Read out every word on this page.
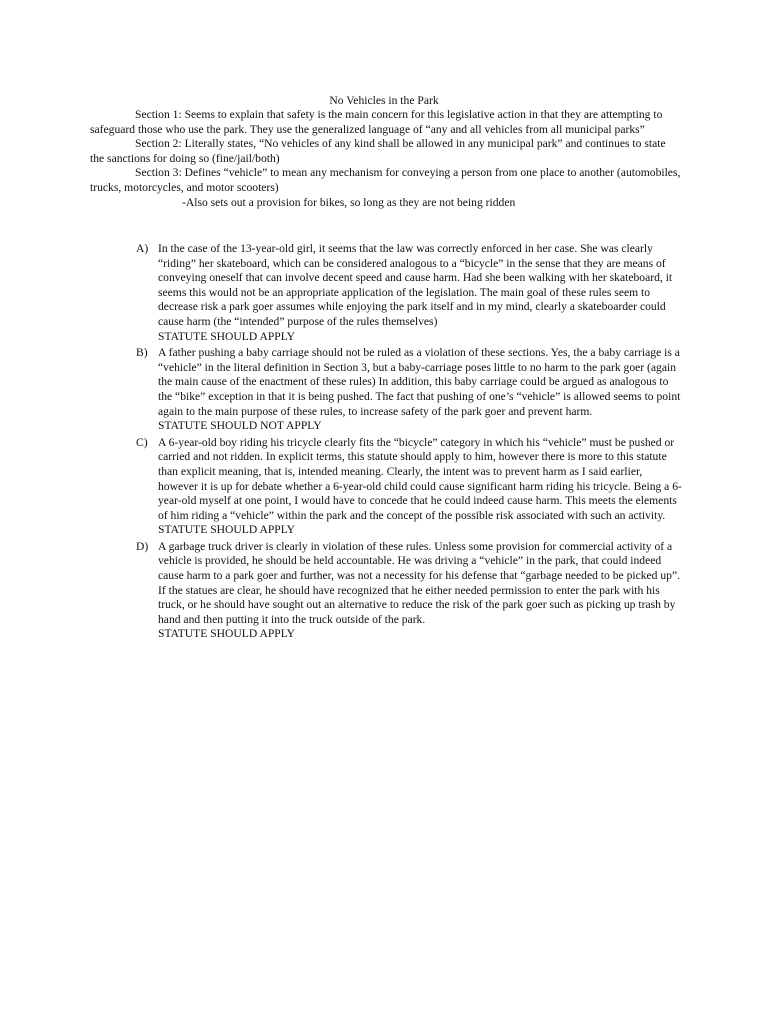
No Vehicles in the Park

Section 1: Seems to explain that safety is the main concern for this legislative action in that they are attempting to safeguard those who use the park. They use the generalized language of “any and all vehicles from all municipal parks”

Section 2: Literally states, “No vehicles of any kind shall be allowed in any municipal park” and continues to state the sanctions for doing so (fine/jail/both)

Section 3: Defines “vehicle” to mean any mechanism for conveying a person from one place to another (automobiles, trucks, motorcycles, and motor scooters)

-Also sets out a provision for bikes, so long as they are not being ridden

A) In the case of the 13-year-old girl, it seems that the law was correctly enforced in her case. She was clearly “riding” her skateboard, which can be considered analogous to a “bicycle” in the sense that they are means of conveying oneself that can involve decent speed and cause harm. Had she been walking with her skateboard, it seems this would not be an appropriate application of the legislation. The main goal of these rules seem to decrease risk a park goer assumes while enjoying the park itself and in my mind, clearly a skateboarder could cause harm (the “intended” purpose of the rules themselves)

STATUTE SHOULD APPLY

B) A father pushing a baby carriage should not be ruled as a violation of these sections. Yes, the a baby carriage is a “vehicle” in the literal definition in Section 3, but a baby-carriage poses little to no harm to the park goer (again the main cause of the enactment of these rules) In addition, this baby carriage could be argued as analogous to the “bike” exception in that it is being pushed. The fact that pushing of one’s “vehicle” is allowed seems to point again to the main purpose of these rules, to increase safety of the park goer and prevent harm.

STATUTE SHOULD NOT APPLY

C) A 6-year-old boy riding his tricycle clearly fits the “bicycle” category in which his “vehicle” must be pushed or carried and not ridden. In explicit terms, this statute should apply to him, however there is more to this statute than explicit meaning, that is, intended meaning. Clearly, the intent was to prevent harm as I said earlier, however it is up for debate whether a 6-year-old child could cause significant harm riding his tricycle. Being a 6-year-old myself at one point, I would have to concede that he could indeed cause harm. This meets the elements of him riding a “vehicle” within the park and the concept of the possible risk associated with such an activity.

STATUTE SHOULD APPLY

D) A garbage truck driver is clearly in violation of these rules. Unless some provision for commercial activity of a vehicle is provided, he should be held accountable. He was driving a “vehicle” in the park, that could indeed cause harm to a park goer and further, was not a necessity for his defense that “garbage needed to be picked up”. If the statues are clear, he should have recognized that he either needed permission to enter the park with his truck, or he should have sought out an alternative to reduce the risk of the park goer such as picking up trash by hand and then putting it into the truck outside of the park.

STATUTE SHOULD APPLY
